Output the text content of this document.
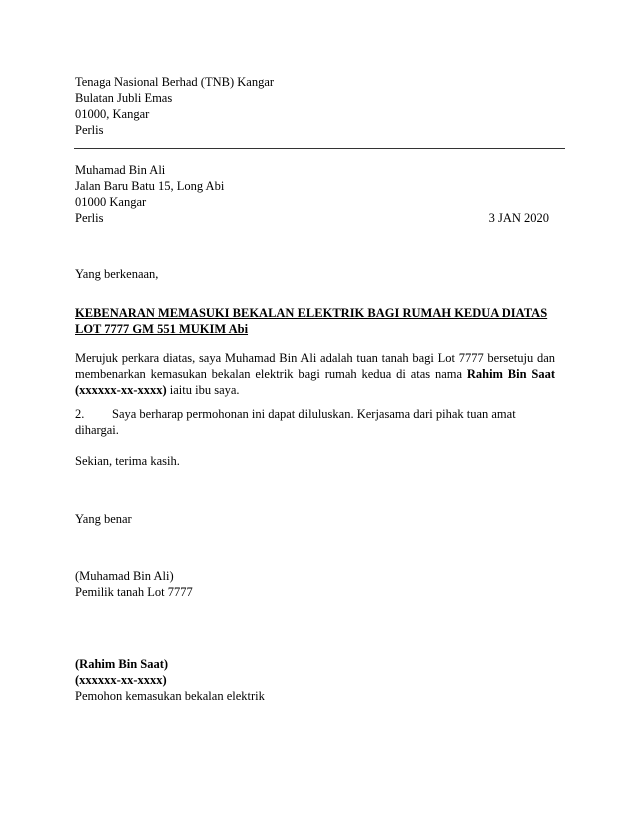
Tenaga Nasional Berhad (TNB) Kangar
Bulatan Jubli Emas
01000, Kangar
Perlis
Muhamad Bin Ali
Jalan Baru Batu 15, Long Abi
01000 Kangar
Perlis	3 JAN 2020
Yang berkenaan,
KEBENARAN MEMASUKI BEKALAN ELEKTRIK BAGI RUMAH KEDUA DIATAS
LOT 7777 GM 551 MUKIM Abi
Merujuk perkara diatas, saya Muhamad Bin Ali adalah tuan tanah bagi Lot 7777 bersetuju dan membenarkan kemasukan bekalan elektrik bagi rumah kedua di atas nama Rahim Bin Saat (xxxxxx-xx-xxxx) iaitu ibu saya.
2. Saya berharap permohonan ini dapat diluluskan. Kerjasama dari pihak tuan amat dihargai.
Sekian, terima kasih.
Yang benar
(Muhamad Bin Ali)
Pemilik tanah Lot 7777
(Rahim Bin Saat)
(xxxxxx-xx-xxxx)
Pemohon kemasukan bekalan elektrik
